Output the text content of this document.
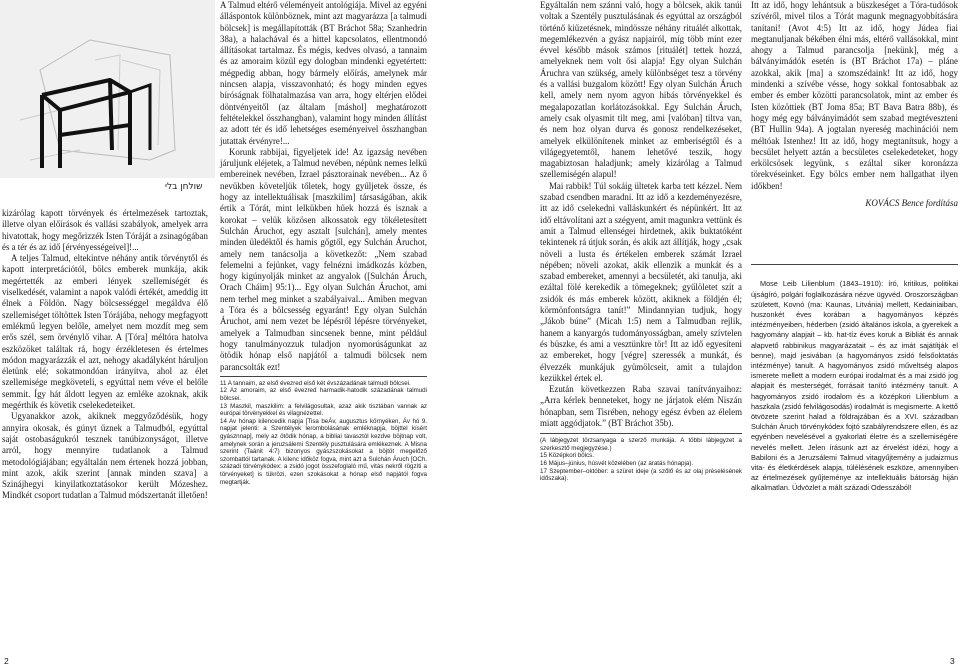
שולחן בלי

kizárólag kapott törvények és értelmezések tartoztak, illetve olyan előírások és vallási szabályok, amelyek arra hivatottak, hogy megőrizzék Isten Tóráját a zsinagógában és a tér és az idő [érvényességeivel]!...

A teljes Talmud, eltekintve néhány antik törvénytől és kapott interpretációtól, bölcs emberek munkája, akik megértették az emberi lények szellemiségét és viselkedését, valamint a napok valódi értékét, ameddig itt élnek a Földön. Nagy bölcsességgel megáldva élő szellemiséget töltöttek Isten Tórájába, nehogy megfagyott emlékmű legyen belőle, amelyet nem mozdít meg sem erős szél, sem örvénylő vihar. A [Tóra] méltóra hatolva eszközöket találtak rá, hogy érzékletesen és értelmes módon magyarázzák el azt, nehogy akadályként háruljon életünk elé; sokatmondóan irányítva, ahol az élet szellemisége megköveteli, s egyúttal nem véve el belőle semmit. Így hát áldott legyen az emléke azoknak, akik megérthik és követik cselekedeteiket.

Ugyanakkor azok, akiknek meggyőződésük, hogy annyira okosak, és gúnyt űznek a Talmudból, egyúttal saját ostobaságukról tesznek tanúbizonyságot, illetve arról, hogy mennyire tudatlanok a Talmud metodológiájában; egyáltalán nem értenek hozzá jobban, mint azok, akik szerint [annak minden szava] a Szinájhegyi kinyilatkoztatásokor került Mózeshez. Mindkét csoport tudatlan a Talmud módszertanát illetően!

A Talmud eltérő véleményeit antológiája. Mivel az egyéni álláspontok különböznek, mint azt magyarázza [a talmudi bölcsek] is megállapították (BT Bráchot 58a; Szanhedrin 38a), a halachával és a hittel kapcsolatos, ellentmondó állításokat tartalmaz. És mégis, kedves olvasó, a tannaim és az amoraim közül egy dologban mindenki egyetértett: mégpedig abban, hogy bármely előírás, amelynek már nincsen alapja, visszavonható; és hogy minden egyes bíróságnak fölhatalmazása van arra, hogy eltérjen elődei döntvényeitől (az általam [máshol] meghatározott feltételekkel összhangban), valamint hogy minden állítást az adott tér és idő lehetséges eseményeivel összhangban jutattak érvényre!...

Korunk rabbijai, figyeljetek ide! Az igazság nevében járuljunk eléjetek, a Talmud nevében, népünk nemes lelkű embereinek nevében, Izrael pásztorainak nevében... Az ő nevükben követeljük tőletek, hogy gyűljetek össze, és hogy az intellektuálisak [maszkilim] társaságában, akik értik a Tórát, mint lelkükben hűek hozzá és isznak a korokat – velük közösen alkossatok egy tökéletesített Sulchán Áruchot, egy asztalt [sulchán], amely mentes minden üledéktől és hamis gőgtől, egy Sulchán Áruchot, amely nem tanácsolja a következőt: „Nem szabad felemelni a fejünket, vagy felnézni imádkozás közben, hogy kigúnyolják minket az angyalok ([Sulchán Áruch, Orach Cháim] 95:1)... Egy olyan Sulchán Áruchot, ami nem terhel meg minket a szabályaival... Amiben megvan a Tóra és a bölcsesség egyaránt! Egy olyan Sulchán Áruchot, ami nem vezet be lépésről lépésre törvényeket, amelyek a Talmudban sincsenek benne, mint például hogy tanulmányozzuk tuladjon nyomorúságunkat az ötödik hónap első napjától a talmudi bölcsek nem parancsolták ezt!

11 A tannaim, az első évezred első két évszázadának talmudi bölcsei.
12 Az amoraim, az első évezred harmadik-hatodik századának talmudi bölcsei.
13 Maszkil, maszkilim: a felvilágosultak, azaz akik tisztában vannak az európai törvényekkel és vilagnézettel.
14 Av hónap kilencedik napja [Tisa beÁv, augusztus környéken, Áv hó 9. napjat jelenti: a Szentélyek lerombolásának emléknapja, böjttel kísért gyásznnap], mely az ötödik hónap, a bibliai tavasztól kezdve böjtnap volt, amelynek során a jeruzsálemi Szentély pusztulására emlékeznek. A Misna szerint (Taánit 4:7) bizonyos gyászszokásokat a böjtöt megelőző szombattól tartanak. A kilenc időköz fogva, mint azt a Sulchán Áruch [OCh. századi törvénykódex: a zsidó jogot összefoglaló mű, vitás nekről rögzíti a törvényeket] is tükrözi, ezen szokásokat a hónap első napjától fogva megtartják.

Egyáltalán nem szánni való, hogy a bölcsek, akik tanúi voltak a Szentély pusztulásának és egyúttal az országból történő kiűzetésnek, mindössze néhány rituálét alkottak, megemlékezvén a gyász napjairól, míg több mint ezer évvel később mások számos [rituálét] tettek hozzá, amelyeknek nem volt ősi alapja! Egy olyan Sulchán Áruchra van szükség, amely különbséget tesz a törvény és a vallási buzgalom között! Egy olyan Sulchán Áruch kell, amely nem nyom agyon hibás törvényekkel és megalapozatlan korlátozásokkal. Egy Sulchán Áruch, amely csak olyasmit tilt meg, ami [valóban] tiltva van, és nem hoz olyan durva és gonosz rendelkezéseket, amelyek elkülönítenek minket az emberiségtől és a világegyetemtől, hanem lehetővé teszik, hogy magabiztosan haladjunk; amely kizárólag a Talmud szellemiségén alapul!

Mai rabbik! Túl sokáig ültetek karba tett kézzel. Nem szabad csendben maradni. Itt az idő a kezdeményezésre, itt az idő cselekedni valláskunkért és népünkért. Itt az idő eltávolítani azt a szégyent, amit magunkra vettünk és amit a Talmud ellenségei hirdetnek, akik buktatóként tekintenek rá útjuk során, és akik azt állítják, hogy „csak növeli a lusta és értékelen emberek számát Izrael népében; növeli azokat, akik ellenzik a munkát és a szabad embereket, amennyi a becsületét, aki tanulja, aki ezáltal fölé kerekedik a tömegeknek; gyűlöletet szít a zsidók és más emberek között, akiknek a földjén él; körmönfontságra tanít!” Mindannyian tudjuk, hogy „Jákob búne” (Micah 1:5) nem a Talmudban rejlik, hanem a kanyargós tudományosságban, amely szívtelen és büszke, és ami a vesztünkre tör! Itt az idő egyesíteni az embereket, hogy [végre] szeressék a munkát, és élvezzék munkájuk gyümölcseit, amit a tulajdon kezükkel értek el.

Ezután következzen Raba szavai tanítványaihoz: „Arra kérlek benneteket, hogy ne járjatok elém Niszán hónapban, sem Tisrében, nehogy egész évben az élelem miatt aggódjatok.” (BT Bráchot 35b).

(A lábjegyzet törzsanyaga a szerző munkája. A többi lábjegyzet a szerkesztő megjegyzése.)
15 Középkori bölcs.
16 Május–június, húsvét közelében (az aratás hónapja).
17 Szeptember–október: a szüret ideje (a szőlő és az olaj préselésének időszaka).

Itt az idő, hogy lehántsuk a büszkeséget a Tóra-tudósok szívéről, mivel tilos a Tórát magunk megnagyobbítására tanítani! (Avot 4:5) Itt az idő, hogy Júdea fiai megtanuljanak békében élni más, eltérő vallásokkal, mint ahogy a Talmud parancsolja [nekünk], még a bálványimádók esetén is (BT Bráchot 17a) – pláne azokkal, akik [ma] a szomszédaink! Itt az idő, hogy mindenki a szívébe vésse, hogy sokkal fontosabbak az ember és ember közötti parancsolatok, mint az ember és Isten közöttiek (BT Joma 85a; BT Bava Batra 88b), és hogy még egy bálványimádót sem szabad megtéveszteni (BT Hullin 94a). A jogtalan nyereség machinációi nem méltóak Istenhez! Itt az idő, hogy megtanítsuk, hogy a becsület helyett aztán a becsületes cselekedeteket, hogy erkölcsösek legyünk, s ezáltal siker koronázza törekvéseinket. Egy bölcs ember nem hallgathat ilyen időkben!

KOVÁCS Bence fordítása

Mose Leib Lilienblum (1843–1910): író, kritikus, politikai újságíró, polgári foglalkozására nézve ügyvéd. Oroszországban született, Kovnó (ma: Kaunas, Litvánia) mellett, Kedainiaiban, huszonkét éves korában a hagyományos képzés intézményeiben, héderben (zsidó általános iskola, a gyerekek a hagyomány alapjait – kb. hat-tíz éves koruk a Bibliát és annak alapvető rabbinikus magyarázatait – és az imát sajátítják el benne), majd jesivában (a hagyományos zsidó felsőoktatás intézménye) tanult. A hagyományos zsidó műveltség alapos ismerete mellett a modern európai irodalmat és a mai zsidó jog alapjait és mesterségét, forrásait tanító intézmény tanult. A hagyományos zsidó irodalom és a középkori Lilienblum a haszkala (zsidó felvilágosodás) irodalmát is megismerte. A kettő ötvözete szerint halad a földrajzában és a XVI. században Sulchán Áruch törvénykódex fojtó szabályrendszere ellen, és az egyénben nevelésével a gyakorlati életre és a szellemiségére nevelés mellett. Jelen írásunk azt az érvelést idézi, hogy a Babiloni és a Jeruzsálemi Talmud vitagyűjtemény a judaizmus vita- és életkérdések alapja, túlélésének eszköze, amennyiben az értelmezések gyűjteménye az intellektuális bátorság hiján alkalmatlan. Üdvözlet a mált századi Odesszából!

2	3
